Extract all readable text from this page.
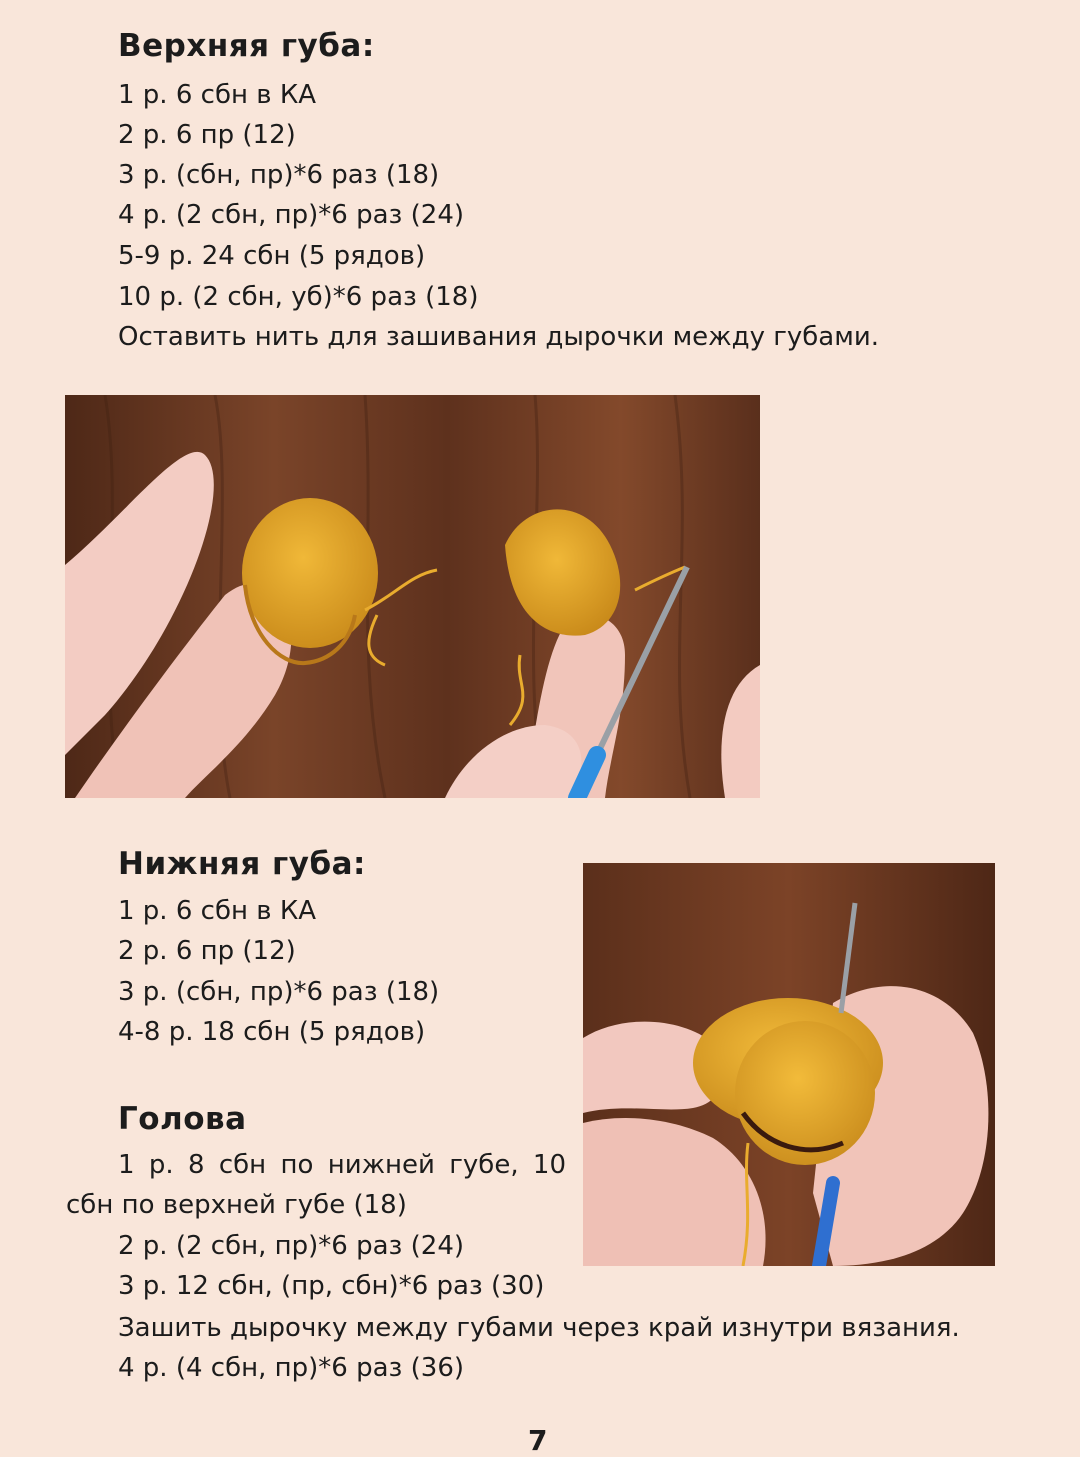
Верхняя губа:

1 р. 6 сбн в КА

2 р. 6 пр (12)

3 р. (сбн, пр)*6 раз (18)

4 р. (2 сбн, пр)*6 раз (24)

5-9 р. 24 сбн (5 рядов)

10 р. (2 сбн, уб)*6 раз (18)

Оставить нить для зашивания дырочки между губами.

Нижняя губа:

1 р. 6 сбн в КА

2 р. 6 пр (12)

3 р. (сбн, пр)*6 раз (18)

4-8 р. 18 сбн (5 рядов)

Голова

1 р. 8 сбн по нижней губе, 10

сбн по верхней губе (18)

2 р. (2 сбн, пр)*6 раз (24)

3 р. 12 сбн, (пр, сбн)*6 раз (30)

Зашить дырочку между губами через край изнутри вязания.

4 р. (4 сбн, пр)*6 раз (36)

7
